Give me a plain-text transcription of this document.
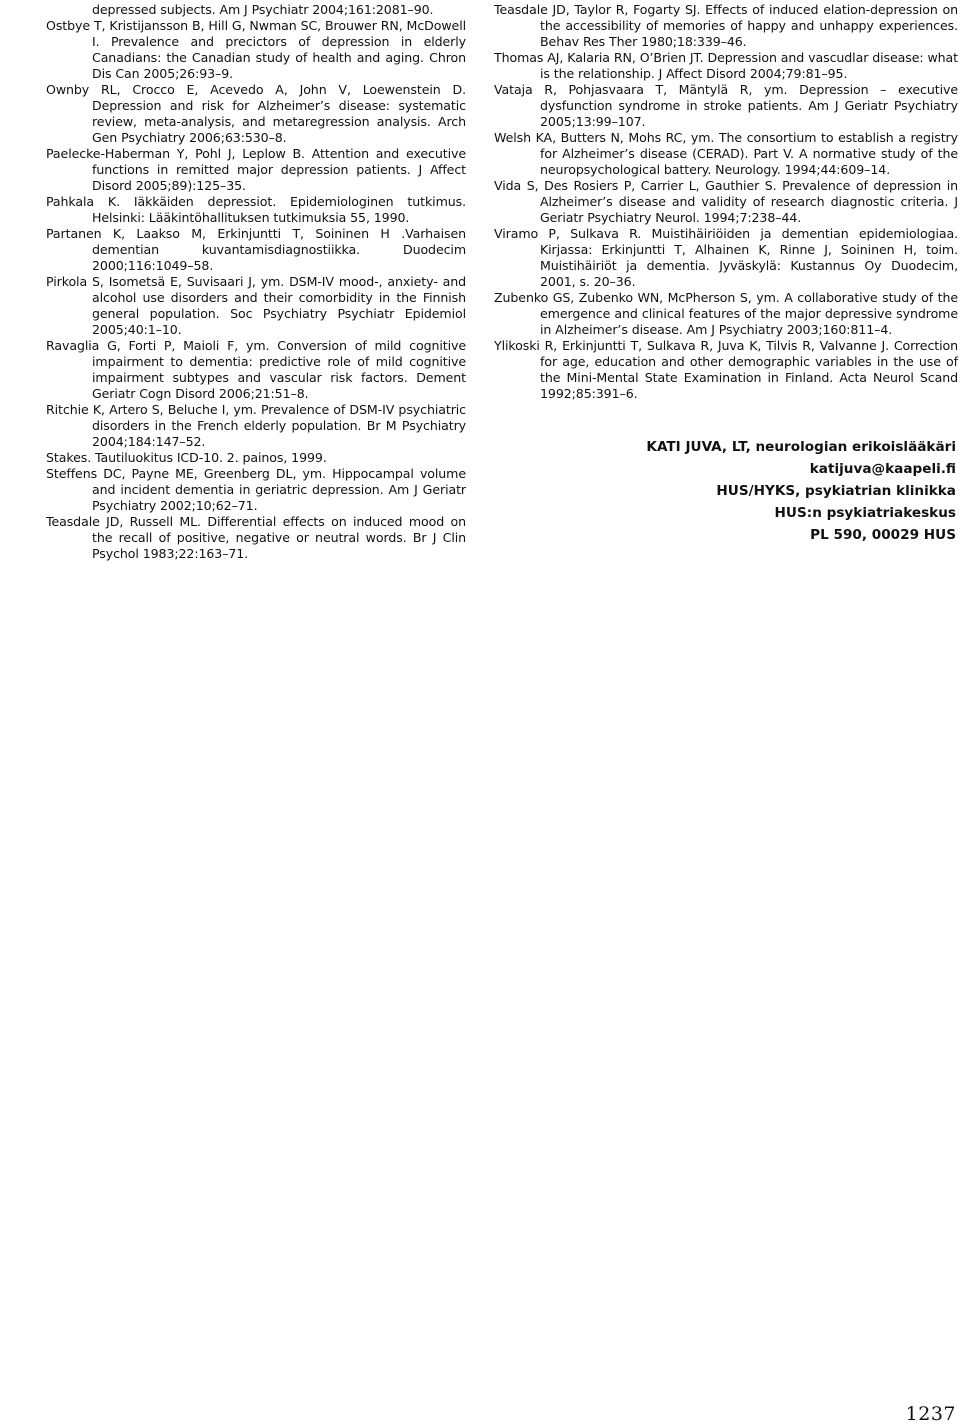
depressed subjects. Am J Psychiatr 2004;161:2081–90.

Ostbye T, Kristijansson B, Hill G, Nwman SC, Brouwer RN, McDowell I. Prevalence and precictors of depression in elderly Canadians: the Canadian study of health and aging. Chron Dis Can 2005;26:93–9.

Ownby RL, Crocco E, Acevedo A, John V, Loewenstein D. Depression and risk for Alzheimer’s disease: systematic review, meta-analysis, and metaregression analysis. Arch Gen Psychiatry 2006;63:530–8.

Paelecke-Haberman Y, Pohl J, Leplow B. Attention and executive functions in remitted major depression patients. J Affect Disord 2005;89):125–35.

Pahkala K. Iäkkäiden depressiot. Epidemiologinen tutkimus. Helsinki: Lääkintöhallituksen tutkimuksia 55, 1990.

Partanen K, Laakso M, Erkinjuntti T, Soininen H .Varhaisen dementian kuvantamisdiagnostiikka. Duodecim 2000;116:1049–58.

Pirkola S, Isometsä E, Suvisaari J, ym. DSM-IV mood-, anxiety- and alcohol use disorders and their comorbidity in the Finnish general population. Soc Psychiatry Psychiatr Epidemiol 2005;40:1–10.

Ravaglia G, Forti P, Maioli F, ym. Conversion of mild cognitive impairment to dementia: predictive role of mild cognitive impairment subtypes and vascular risk factors. Dement Geriatr Cogn Disord 2006;21:51–8.

Ritchie K, Artero S, Beluche I, ym. Prevalence of DSM-IV psychiatric disorders in the French elderly population. Br M Psychiatry 2004;184:147–52.

Stakes. Tautiluokitus ICD-10. 2. painos, 1999.

Steffens DC, Payne ME, Greenberg DL, ym. Hippocampal volume and incident dementia in geriatric depression. Am J Geriatr Psychiatry 2002;10;62–71.

Teasdale JD, Russell ML. Differential effects on induced mood on the recall of positive, negative or neutral words. Br J Clin Psychol 1983;22:163–71.

Teasdale JD, Taylor R, Fogarty SJ. Effects of induced elation-depression on the accessibility of memories of happy and unhappy experiences. Behav Res Ther 1980;18:339–46.

Thomas AJ, Kalaria RN, O’Brien JT. Depression and vascudlar disease: what is the relationship. J Affect Disord 2004;79:81–95.

Vataja R, Pohjasvaara T, Mäntylä R, ym. Depression – executive dysfunction syndrome in stroke patients. Am J Geriatr Psychiatry 2005;13:99–107.

Welsh KA, Butters N, Mohs RC, ym. The consortium to establish a registry for Alzheimer’s disease (CERAD). Part V. A normative study of the neuropsychological battery. Neurology. 1994;44:609–14.

Vida S, Des Rosiers P, Carrier L, Gauthier S. Prevalence of depression in Alzheimer’s disease and validity of research diagnostic criteria. J Geriatr Psychiatry Neurol. 1994;7:238–44.

Viramo P, Sulkava R. Muistihäiriöiden ja dementian epidemiologiaa. Kirjassa: Erkinjuntti T, Alhainen K, Rinne J, Soininen H, toim. Muistihäiriöt ja dementia. Jyväskylä: Kustannus Oy Duodecim, 2001, s. 20–36.

Zubenko GS, Zubenko WN, McPherson S, ym. A collaborative study of the emergence and clinical features of the major depressive syndrome in Alzheimer’s disease. Am J Psychiatry 2003;160:811–4.

Ylikoski R, Erkinjuntti T, Sulkava R, Juva K, Tilvis R, Valvanne J. Correction for age, education and other demographic variables in the use of the Mini-Mental State Examination in Finland. Acta Neurol Scand 1992;85:391–6.

KATI JUVA, LT, neurologian erikoislääkäri
katijuva@kaapeli.fi
HUS/HYKS, psykiatrian klinikka
HUS:n psykiatriakeskus
PL 590, 00029 HUS
1237
